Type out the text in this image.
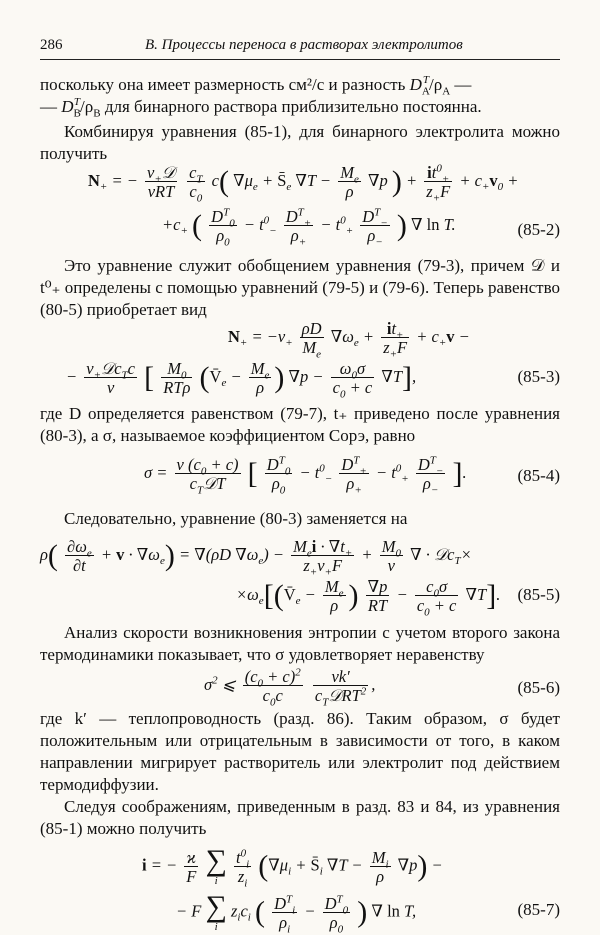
286	В. Процессы переноса в растворах электролитов
поскольку она имеет размерность см²/с и разность $D_A^T/\rho_A$ —
— $D_B^T/\rho_B$ для бинарного раствора приблизительно постоянна.
Комбинируя уравнения (85-1), для бинарного электролита можно получить
$N_+$ = − $\frac{\nu_+𝒟}{\text{νRT}}$
$\frac{c_T}{c_0} c$( $\nabla\mu_e$ + $S̄_e$ $\nabla T - \frac{M_e}{\rho} \nabla p$ ) + $\frac{it^0_+}{z_+F} + c_+v_0$ +
$+c_+$ ( $\frac{D^T_0}{\rho_0} - t^0_- \frac{D^T_+}{\rho_+} - t^0_+ \frac{D^T_-}{\rho_-}$ ) ∇ ln T.	(85-2)
Это уравнение служит обобщением уравнения (79-3), причем 𝒟 и t⁰₊ определены с помощью уравнений (79-5) и (79-6). Теперь равенство (80-5) приобретает вид
$N_+ = -\nu_+ \frac{\rho D}{M_e} \nabla\omega_e + \frac{it_+}{z_+F} + c_+v$ −
− $\frac{\nu_+𝒟c_Tc}{\nu}$ [ $\frac{M_0}{\text{RTρ}}$ ($V̄_e - \frac{M_e}{\rho}$ ) $\nabla p - \frac{\omega_0\sigma}{c_0 + c} \nabla T$],	(85-3)
где D определяется равенством (79-7), t₊ приведено после уравнения (80-3), а σ, называемое коэффициентом Сорэ, равно
$\sigma = \frac{\nu (c_0 + c)}{c_T𝒟T}$ [ $\frac{D^T_0}{\rho_0} - t^0_- \frac{D^T_+}{\rho_+} - t^0_+ \frac{D^T_-}{\rho_-}$ ].	(85-4)
Следовательно, уравнение (80-3) заменяется на
$\rho( \frac{\partial\omega_e}{\partial t} + v \cdot \nabla\omega_e) = \nabla(\rho D$ $\nabla\omega_e) - \frac{M_ei \cdot \nabla t_+}{z_+\nu_+F} + \frac{M_0}{\nu}$ ∇ · 𝒟c$_T$×
$\times\omega_e[(V̄_e - \frac{M_e}{\rho}$ ) $\frac{\nabla p}{RT} - \frac{c_0\sigma}{c_0 + c} \nabla T$]. (85-5)
Анализ скорости возникновения энтропии с учетом второго закона термодинамики показывает, что σ удовлетворяет неравенству
$\sigma^2$ ⩽ $\frac{(c_0 + c)^2}{c_0c}$
$\frac{\nu k'}{c_T𝒟RT^2}$ ,	(85-6)
где k′ — теплопроводность (разд. 86). Таким образом, σ будет положительным или отрицательным в зависимости от того, в каком направлении мигрирует растворитель или электролит под действием термодиффузии.
Следуя соображениям, приведенным в разд. 83 и 84, из уравнения (85-1) можно получить
i = − $\frac{ϰ}{F}$
∑
i
$\frac{t^0_i}{z_i} (\nabla\mu_i$ + $S̄_i$ $\nabla T - \frac{M_i}{\rho} \nabla p$) −
− F ∑
i
$z_ic_i$ ( $\frac{D^T_i}{\rho_i} - \frac{D^T_0}{\rho_0}$ ) ∇ ln T,	(85-7)
